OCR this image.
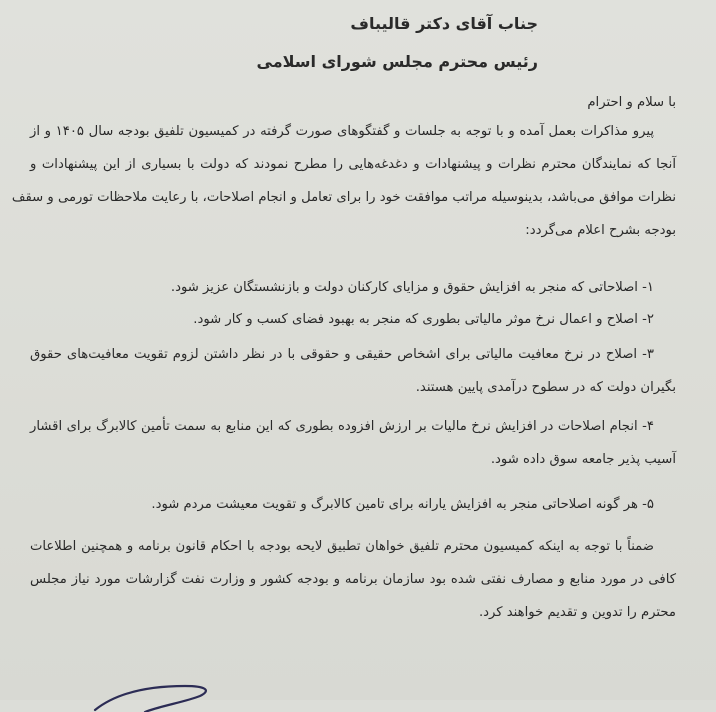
جناب آقای دکتر قالیباف
رئیس محترم مجلس شورای اسلامی
با سلام و احترام
پیرو مذاکرات بعمل آمده و با توجه به جلسات و گفتگوهای صورت گرفته در کمیسیون تلفیق بودجه سال ۱۴۰۵ و از
آنجا که نمایندگان محترم نظرات و پیشنهادات و دغدغه‌هایی را مطرح نمودند که دولت با بسیاری از این پیشنهادات و
نظرات موافق می‌باشد، بدینوسیله مراتب موافقت خود را برای تعامل و انجام اصلاحات، با رعایت ملاحظات تورمی و سقف
بودجه بشرح اعلام می‌گردد:
۱- اصلاحاتی که منجر به افزایش حقوق و مزایای کارکنان دولت و بازنشستگان عزیز شود.
۲- اصلاح و اعمال نرخ موثر مالیاتی بطوری که منجر به بهبود فضای کسب و کار شود.
۳- اصلاح در نرخ معافیت مالیاتی برای اشخاص حقیقی و حقوقی با در نظر داشتن لزوم تقویت معافیت‌های حقوق
بگیران دولت که در سطوح درآمدی پایین هستند.
۴- انجام اصلاحات در افزایش نرخ مالیات بر ارزش افزوده بطوری که این منابع به سمت تأمین کالابرگ برای اقشار
آسیب پذیر جامعه سوق داده شود.
۵- هر گونه اصلاحاتی منجر به افزایش یارانه برای تامین کالابرگ و تقویت معیشت مردم شود.
ضمناً با توجه به اینکه کمیسیون محترم تلفیق خواهان تطبیق لایحه بودجه با احکام قانون برنامه و همچنین اطلاعات
کافی در مورد منابع و مصارف نفتی شده بود سازمان برنامه و بودجه کشور و وزارت نفت گزارشات مورد نیاز مجلس
محترم را تدوین و تقدیم خواهند کرد.
